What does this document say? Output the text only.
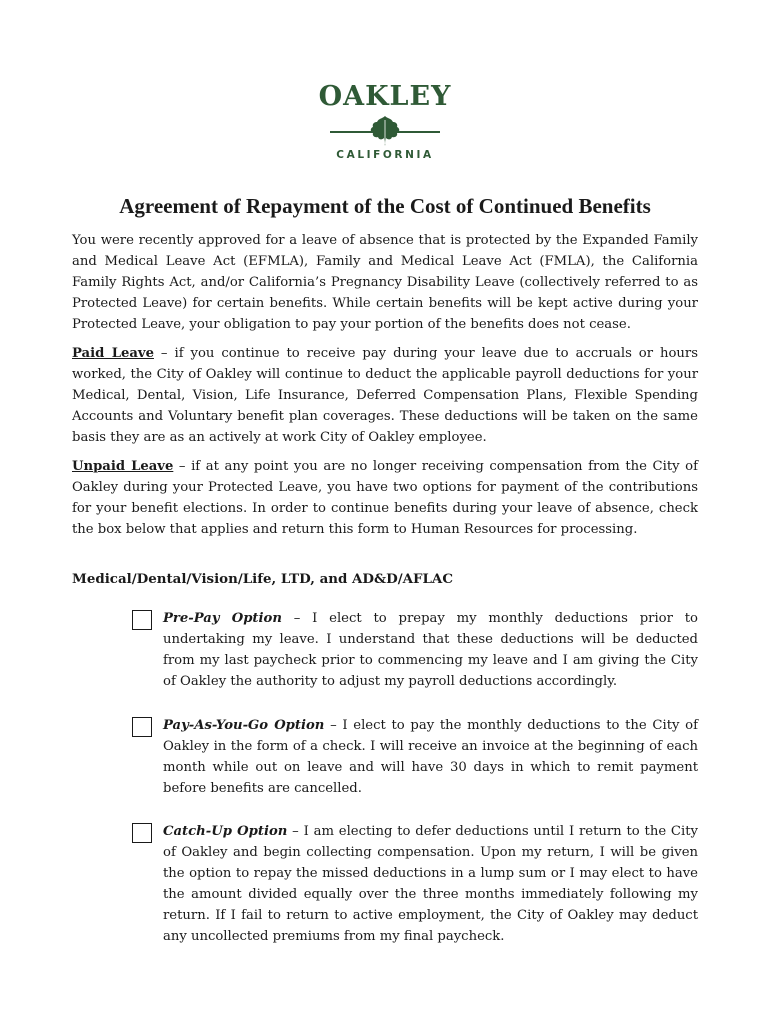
OAKLEY
CALIFORNIA
Agreement of Repayment of the Cost of Continued Benefits
You were recently approved for a leave of absence that is protected by the Expanded Family and Medical Leave Act (EFMLA), Family and Medical Leave Act (FMLA), the California Family Rights Act, and/or California’s Pregnancy Disability Leave (collectively referred to as Protected Leave) for certain benefits. While certain benefits will be kept active during your Protected Leave, your obligation to pay your portion of the benefits does not cease.
Paid Leave – if you continue to receive pay during your leave due to accruals or hours worked, the City of Oakley will continue to deduct the applicable payroll deductions for your Medical, Dental, Vision, Life Insurance, Deferred Compensation Plans, Flexible Spending Accounts and Voluntary benefit plan coverages. These deductions will be taken on the same basis they are as an actively at work City of Oakley employee.
Unpaid Leave – if at any point you are no longer receiving compensation from the City of Oakley during your Protected Leave, you have two options for payment of the contributions for your benefit elections. In order to continue benefits during your leave of absence, check the box below that applies and return this form to Human Resources for processing.
Medical/Dental/Vision/Life, LTD, and AD&D/AFLAC
Pre-Pay Option – I elect to prepay my monthly deductions prior to undertaking my leave. I understand that these deductions will be deducted from my last paycheck prior to commencing my leave and I am giving the City of Oakley the authority to adjust my payroll deductions accordingly.
Pay-As-You-Go Option – I elect to pay the monthly deductions to the City of Oakley in the form of a check. I will receive an invoice at the beginning of each month while out on leave and will have 30 days in which to remit payment before benefits are cancelled.
Catch-Up Option – I am electing to defer deductions until I return to the City of Oakley and begin collecting compensation. Upon my return, I will be given the option to repay the missed deductions in a lump sum or I may elect to have the amount divided equally over the three months immediately following my return. If I fail to return to active employment, the City of Oakley may deduct any uncollected premiums from my final paycheck.
